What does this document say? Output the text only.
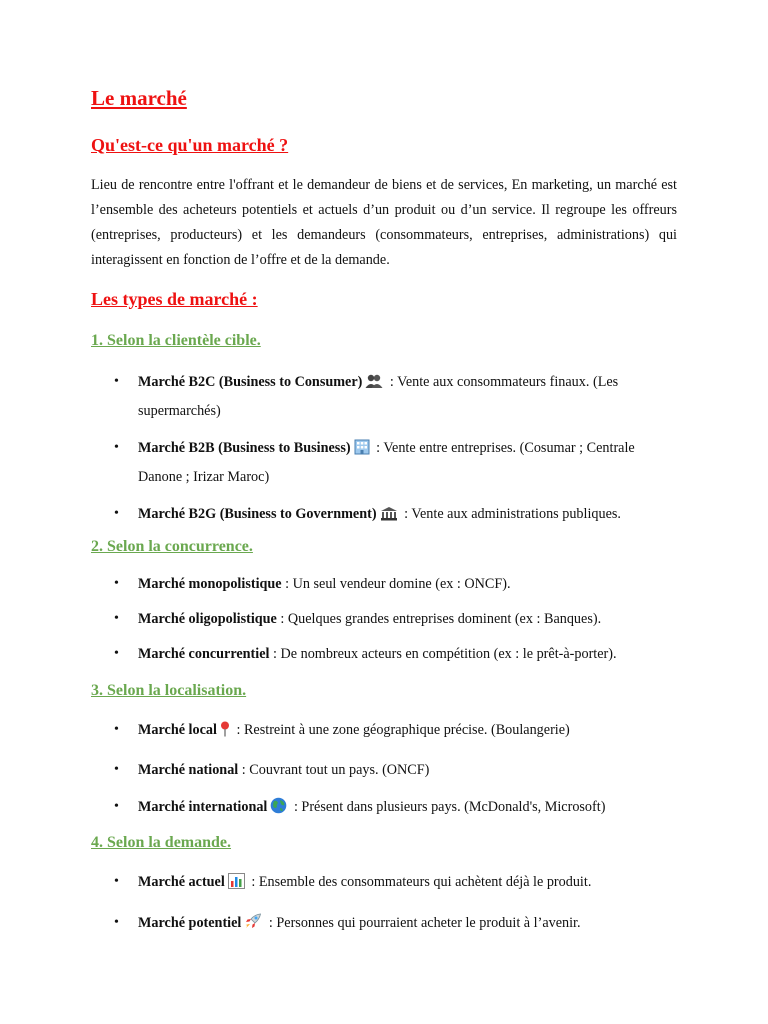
Le marché
Qu'est-ce qu'un marché ?

Lieu de rencontre entre l'offrant et le demandeur de biens et de services, En marketing, un marché est l’ensemble des acheteurs potentiels et actuels d’un produit ou d’un service. Il regroupe les offreurs (entreprises, producteurs) et les demandeurs (consommateurs, entreprises, administrations) qui interagissent en fonction de l’offre et de la demande.

Les types de marché :
1. Selon la clientèle cible.
• Marché B2C (Business to Consumer) : Vente aux consommateurs finaux. (Les supermarchés)
• Marché B2B (Business to Business) : Vente entre entreprises. (Cosumar ; Centrale Danone ; Irizar Maroc)
• Marché B2G (Business to Government) : Vente aux administrations publiques.
2. Selon la concurrence.
• Marché monopolistique : Un seul vendeur domine (ex : ONCF).
• Marché oligopolistique : Quelques grandes entreprises dominent (ex : Banques).
• Marché concurrentiel : De nombreux acteurs en compétition (ex : le prêt-à-porter).
3. Selon la localisation.
• Marché local : Restreint à une zone géographique précise. (Boulangerie)
• Marché national : Couvrant tout un pays. (ONCF)
• Marché international : Présent dans plusieurs pays. (McDonald's, Microsoft)
4. Selon la demande.
• Marché actuel : Ensemble des consommateurs qui achètent déjà le produit.
• Marché potentiel : Personnes qui pourraient acheter le produit à l’avenir.
